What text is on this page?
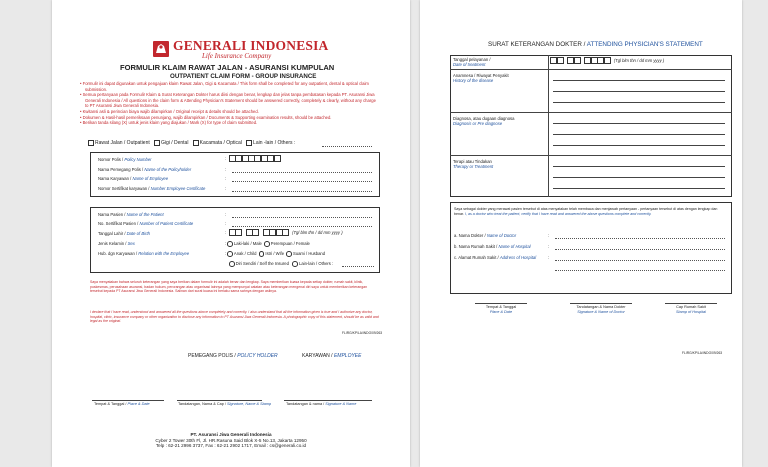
GENERALI INDONESIA
Life Insurance Company
FORMULIR KLAIM RAWAT JALAN - ASURANSI KUMPULAN
OUTPATIENT CLAIM FORM - GROUP INSURANCE
• Formulir ini dapat digunakan untuk pengajuan klaim Rawat Jalan, Gigi & Kacamata / This form shall be completed for any outpatient, dental & optical claim submission.
• Semua pertanyaan pada Formulir Klaim & Surat Keterangan Dokter harus diisi dengan benar, lengkap dan jelas tanpa pembatasan kepada PT. Asuransi Jiwa Generali Indonesia / All questions in the claim form & Attending Physician's Statement should be answered correctly, completely & clearly, without any charge to PT Asuransi Jiwa Generali Indonesia.
• Kwitansi asli & perincian biaya wajib dilampirkan / Original receipt & details should be attached.
• Dokumen & Hasil-hasil pemeriksaan penunjang, wajib dilampirkan / Documents & Supporting examination results, should be attached.
• Berikan tanda silang (X) untuk jenis klaim yang diajukan / Mark (X) for type of claim submitted.
Rawat Jalan / Outpatient Gigi / Dental Kacamata / Optical Lain -lain / Others :
Nomor Polis / Policy Number	:
Nama Pemegang Polis / Name of the Policyholder	:
Nama Karyawan / Name of Employee	:
Nomor Sertifikat karyawan / Number Employee Certificate	:
Nama Pasien / Name of the Patient	:
No. Sertifikat Pasien / Number of Patient Certificate	:
Tanggal Lahir / Date of Birth	:

	(Tgl blm thn / dd mm yyyy )
Jenis Kelamin / Sex	: Laki-laki / Male Perempuan / Female
Hub. dgn Karyawan / Relation with the Employee	: Anak / Child Istri / Wife Suami / Husband
Diri Sendiri / Self the Insured Lain-lain / Others :
Saya menyatakan bahwa seluruh keterangan yang saya berikan dalam formulir ini adalah benar dan lengkap. Saya memberikan kuasa kepada setiap dokter, rumah sakit, klinik, puskesmas, perusahaan asuransi, badan hukum, perorangan atau organisasi lainnya yang mempunyai catatan atau keterangan mengenai diri saya untuk memberikan keterangan tersebut kepada PT Asuransi Jiwa Generali Indonesia. Salinan dari surat kuasa ini berlaku sama sahnya dengan aslinya.
I declare that I have read, understood and answered all the questions above completely and correctly. I also understand that all the information given is true and I authorize any doctor, hospital, clinic, insurance company or other organization to disclose any information to PT Asuransi Jiwa Generali Indonesia. A photographic copy of this statement, should be as valid and legal as the original.
FLIRG/KP/LA/INDO/09/263
PEMEGANG POLIS / POLICY HOLDER	KARYAWAN / EMPLOYEE
Tempat & Tanggal / Place & Date	Tandatangan, Nama & Cap / Signature, Name & Stamp	Tandatangan & nama / Signature & Name
PT. Asuransi Jiwa Generali Indonesia
Cyber 2 Tower 30th Fl, Jl. HR.Rasuna Said Blok X-5 No.13, Jakarta 12950
Telp : 62-21 2996 3737, Fax : 62-21 2902 1717, Email : cs@generali.co.id
SURAT KETERANGAN DOKTER / ATTENDING PHYSICIAN'S STATEMENT
Tanggal pelayanan /
Date of treatment

(Tgl blm thn / dd mm yyyy )
Anamnesa / Riwayat Penyakit
History of the disease
Diagnosa, atau dugaan diagnosa
Diagnosis or Pre diagnose
Terapi atau Tindakan
Therapy or Treatment
Saya sebagai dokter yang merawat pasien tersebut di atas menyatakan telah membaca dan menjawab pertanyaan - pertanyaan tersebut di atas dengan lengkap dan benar. I, as a doctor who treat the patient, certify that I have read and answered the above questions complete and correctly.
a. Nama Dokter / Name of Doctor	:
b. Nama Rumah Sakit / Name of Hospital	:
c. Alamat Rumah Sakit / Address of Hospital	:
Tempat & Tanggal
Place & Date
Tandatangan & Nama Dokter
Signature & Name of Doctor
Cap Rumah Sakit
Stamp of Hospital
FLIRG/KP/LA/INDO/09/263
